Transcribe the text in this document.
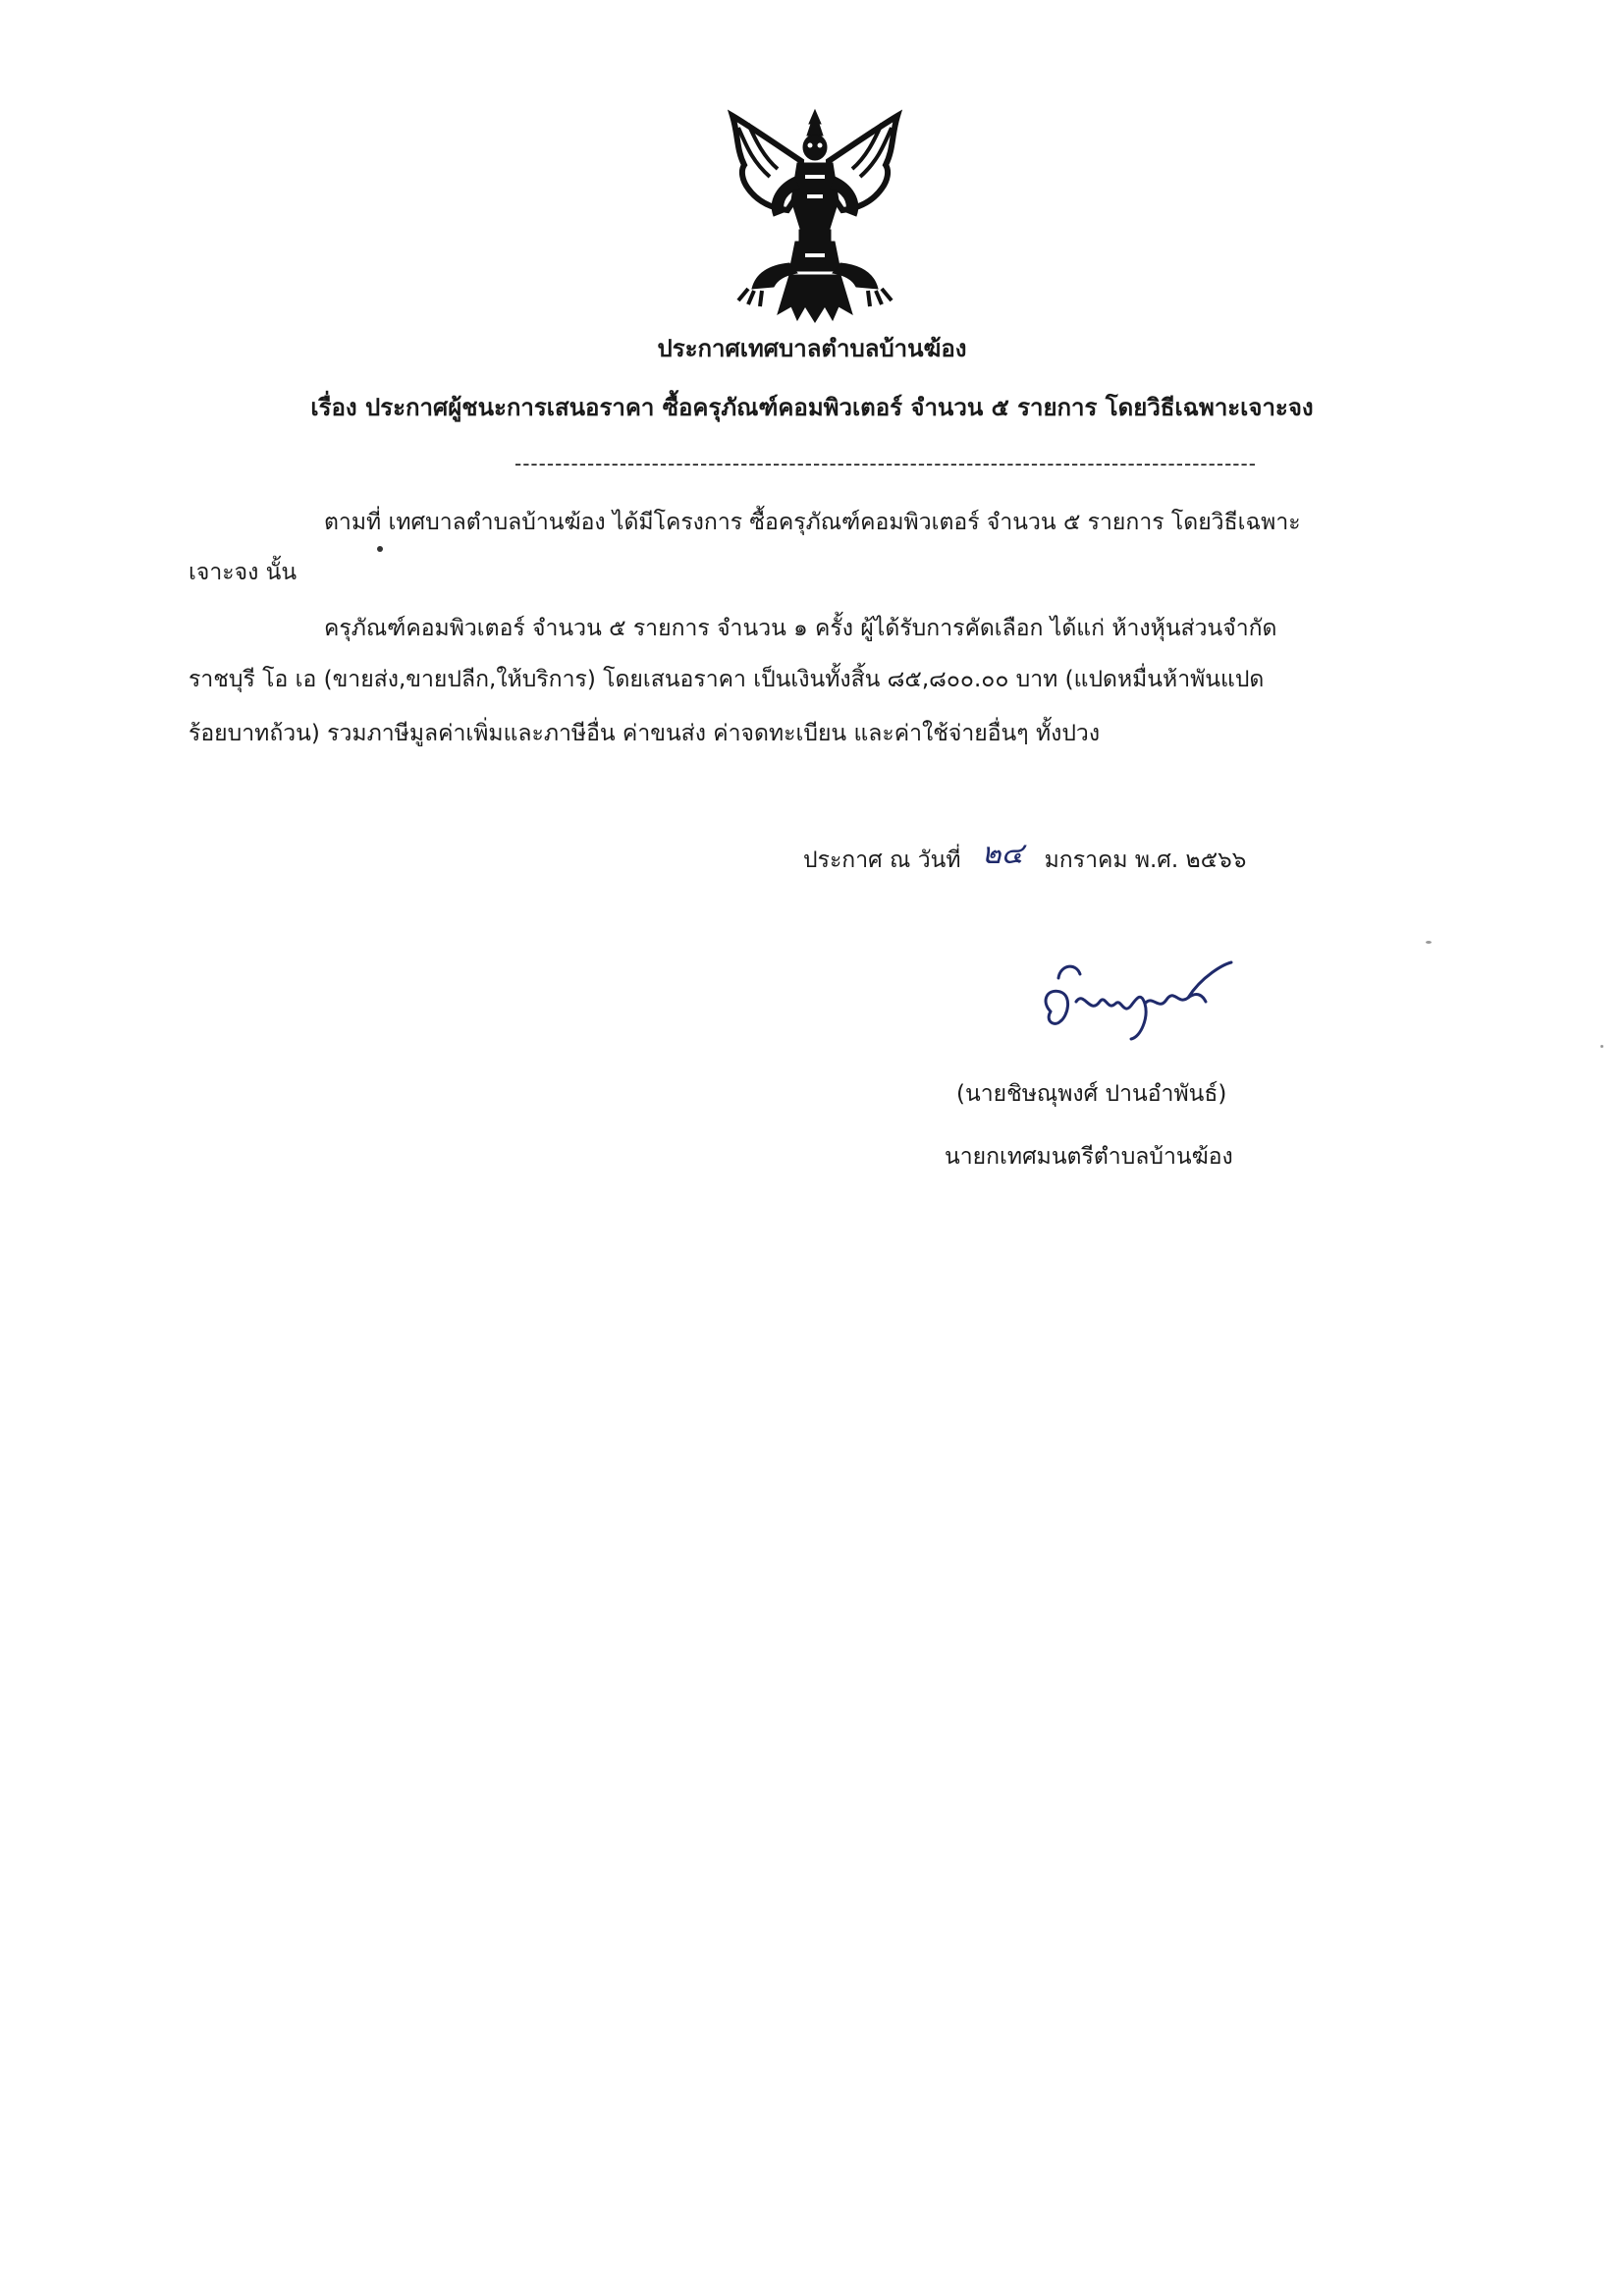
ประกาศเทศบาลตำบลบ้านฆ้อง
เรื่อง ประกาศผู้ชนะการเสนอราคา ซื้อครุภัณฑ์คอมพิวเตอร์ จำนวน ๕ รายการ โดยวิธีเฉพาะเจาะจง
--------------------------------------------------------------------------------------------
ตามที่ เทศบาลตำบลบ้านฆ้อง ได้มีโครงการ ซื้อครุภัณฑ์คอมพิวเตอร์ จำนวน ๕ รายการ โดยวิธีเฉพาะ
เจาะจง นั้น
ครุภัณฑ์คอมพิวเตอร์ จำนวน ๕ รายการ จำนวน ๑ ครั้ง ผู้ได้รับการคัดเลือก ได้แก่ ห้างหุ้นส่วนจำกัด
ราชบุรี โอ เอ (ขายส่ง,ขายปลีก,ให้บริการ) โดยเสนอราคา เป็นเงินทั้งสิ้น ๘๕,๘๐๐.๐๐ บาท (แปดหมื่นห้าพันแปด
ร้อยบาทถ้วน) รวมภาษีมูลค่าเพิ่มและภาษีอื่น ค่าขนส่ง ค่าจดทะเบียน และค่าใช้จ่ายอื่นๆ ทั้งปวง
ประกาศ ณ วันที่ ๒๔ มกราคม พ.ศ. ๒๕๖๖
(นายชิษณุพงศ์ ปานอำพันธ์)
นายกเทศมนตรีตำบลบ้านฆ้อง
